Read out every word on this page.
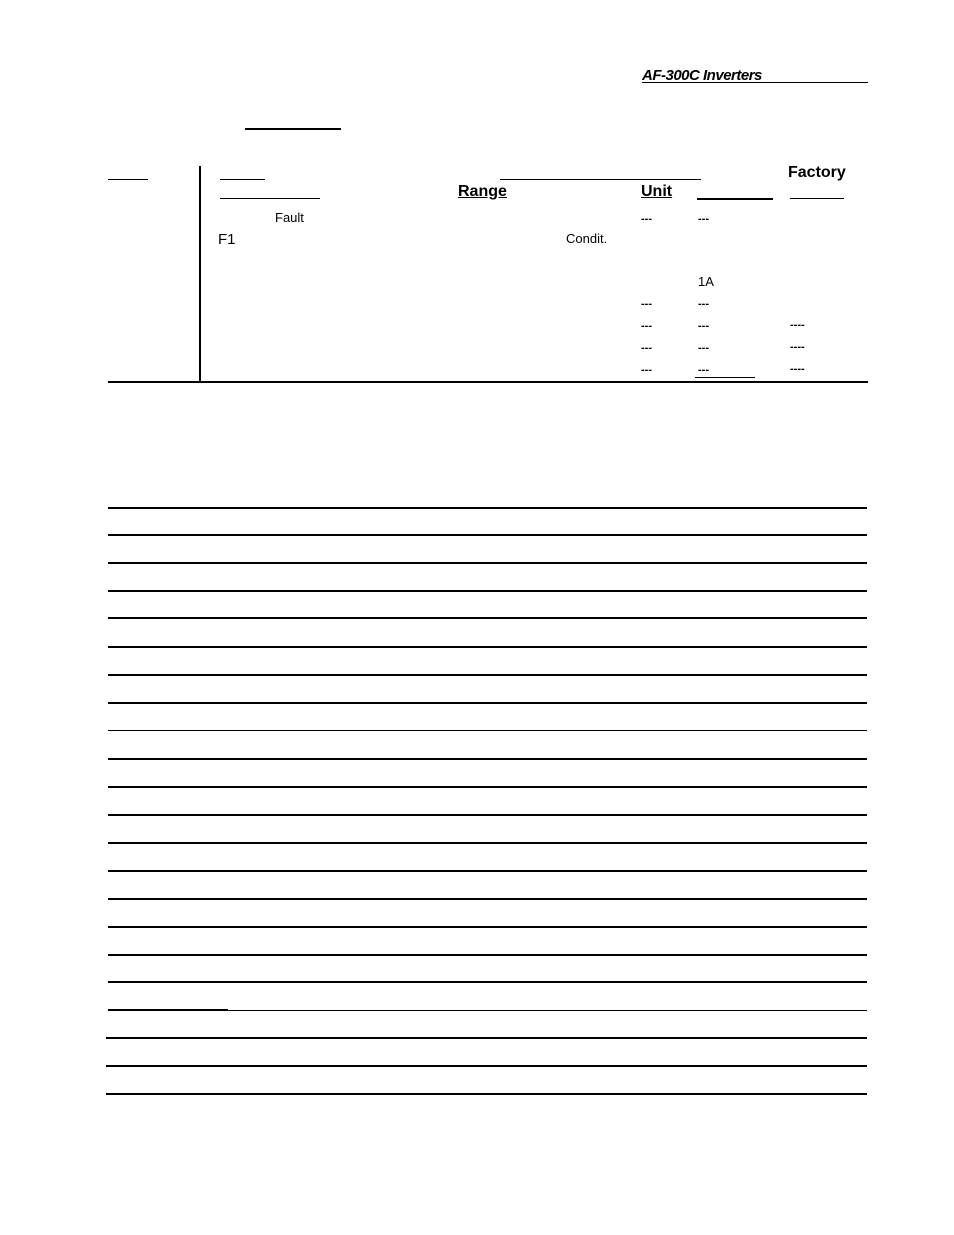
AF-300C Inverters
Factory
Range	Unit
Fault	---	---
F1	Condit.
1A
---	---
---	---	----
---	---	----
---	---	----
